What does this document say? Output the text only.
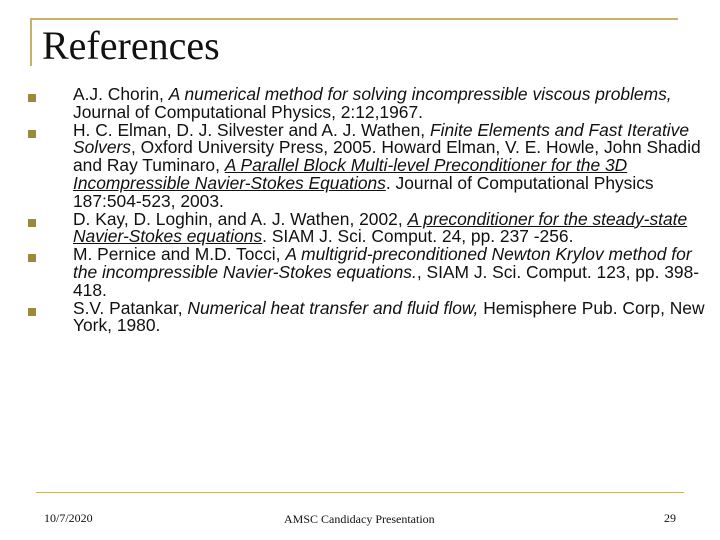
References
A.J. Chorin, A numerical method for solving incompressible viscous problems, Journal of Computational Physics, 2:12,1967.
H. C. Elman, D. J. Silvester and A. J. Wathen, Finite Elements and Fast Iterative Solvers, Oxford University Press, 2005. Howard Elman, V. E. Howle, John Shadid and Ray Tuminaro, A Parallel Block Multi-level Preconditioner for the 3D Incompressible Navier-Stokes Equations. Journal of Computational Physics 187:504-523, 2003.
D. Kay, D. Loghin, and A. J. Wathen, 2002, A preconditioner for the steady-state Navier-Stokes equations. SIAM J. Sci. Comput. 24, pp. 237 -256.
M. Pernice and M.D. Tocci, A multigrid-preconditioned Newton Krylov method for the incompressible Navier-Stokes equations., SIAM J. Sci. Comput. 123, pp. 398-418.
S.V. Patankar, Numerical heat transfer and fluid flow, Hemisphere Pub. Corp, New York, 1980.
10/7/2020	AMSC Candidacy Presentation	29
